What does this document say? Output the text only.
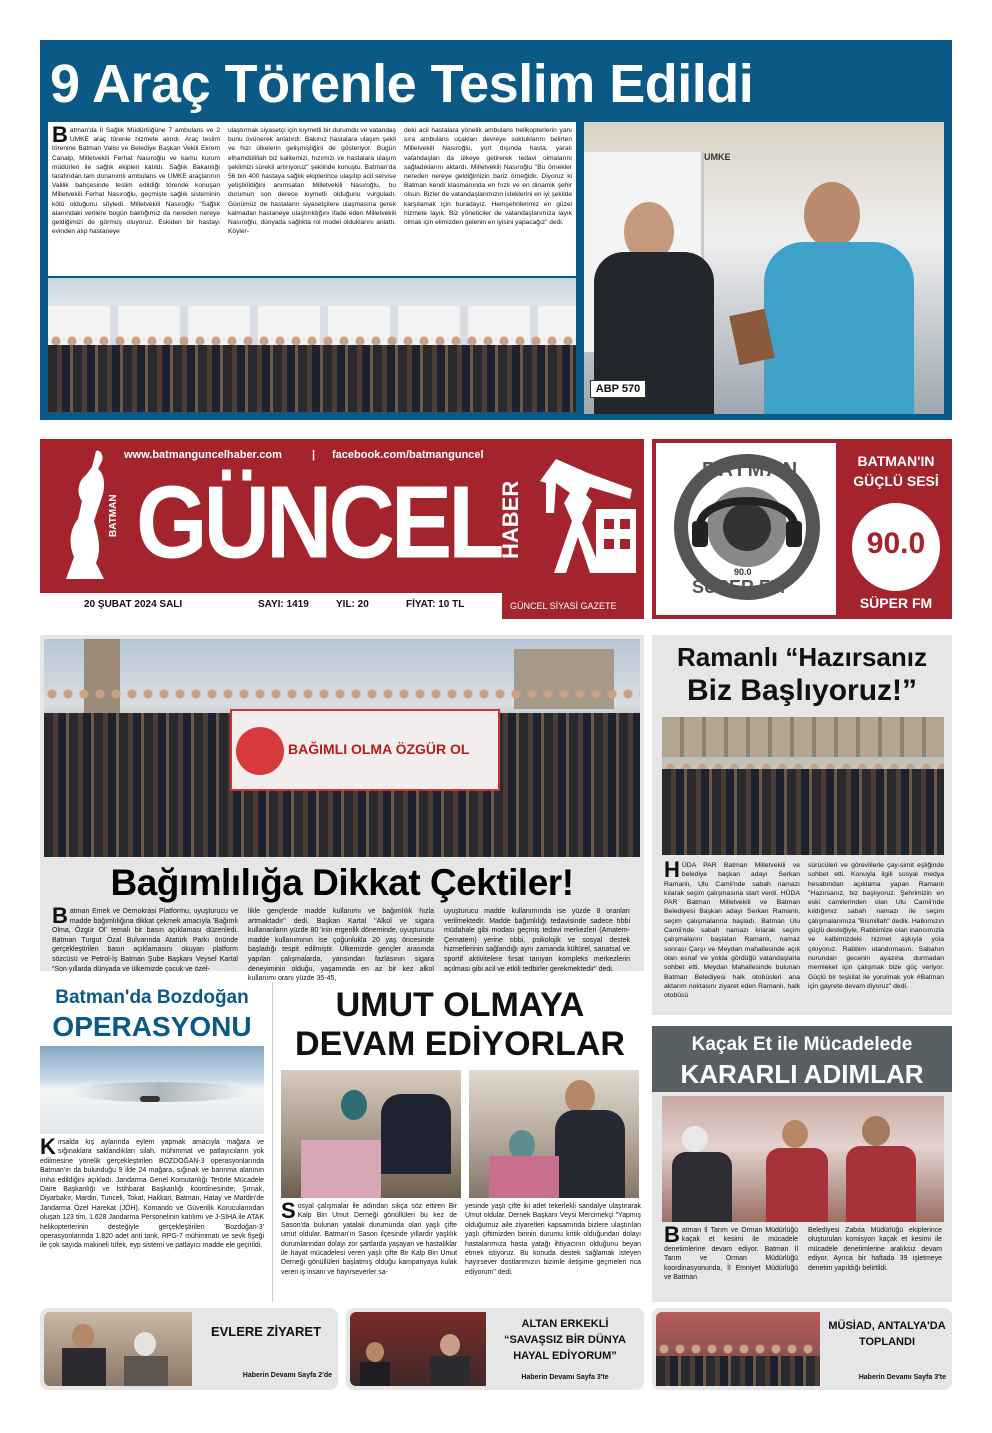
9 Araç Törenle Teslim Edildi
Batman'da İl Sağlık Müdürlüğüne 7 ambulans ve 2 UMKE araç törenle hizmete alındı. Araç teslim törenine Batman Valisi ve Belediye Başkan Vekili Ekrem Canalp, Milletvekili Ferhat Nasıroğlu ve kamu kurum müdürleri ile sağlık ekipleri katıldı. Sağlık Bakanlığı tarafından tam donanımlı ambulans ve UMKE araçlarının Valilik bahçesinde teslim edildiği törende konuşan Milletvekili Ferhat Nasıroğlu, geçmişte sağlık sisteminin kötü olduğunu söyledi. Milletvekili Nasıroğlu "Sağlık alanındaki verilere bugün baktığımız da nereden nereye geldiğimizi de görmüş oluyoruz. Eskiden bir hastayı evinden alıp hastaneye
ulaştırmak siyasetçi için kıymetli bir durumdu ve vatandaş bunu övünerek anlatırdı. Bakınız hastalara ulaşım şekli ve hızı ülkelerin gelişmişliğini de gösteriyor. Bugün elhamdülillah biz kalitemizi, hızımızı ve hastalara ulaşım şeklimizi sürekli artırıyoruz" şeklinde konuştu. Batman'da 56 bin 400 hastaya sağlık ekiplerince ulaşılıp acil servise yetiştirildiğini anımsatan Milletvekili Nasıroğlu, bu durumun son derece kıymetli olduğunu vurguladı. Günümüz de hastaların siyasetçilere ulaşmasına gerek kalmadan hastaneye ulaştırıldığını ifade eden Milletvekili Nasıroğlu, dünyada sağlıkta rol model olduklarını anlattı. Köyler-
deki acil hastalara yönelik ambulans helikopterlerin yanı sıra ambulans uçakları devreye soktuklarını belirten Milletvekili Nasıroğlu, yurt dışında hasta, yaralı vatandaşları da ülkeye getirerek tedavi olmalarını sağladıklarını aktardı. Milletvekili Nasıroğlu "Bu örnekler nereden nereye geldiğimizin bariz örneğidir. Diyoruz ki Batman kendi klasmanında en hızlı ve en dinamik şehir olsun. Bizler de vatandaşlarımızın isteklerini en iyi şekilde karşılamak için buradayız. Hemşehrilerimiz en güzel hizmete layık. Biz yöneticiler de vatandaşlarımıza layık olmak için elimizden gelenin en iyisini yapacağız" dedi.
UMKE
ABP 570
www.batmanguncelhaber.com	| facebook.com/batmanguncel
BATMAN GÜNCEL
HABER
20 ŞUBAT 2024 SALI	SAYI: 1419	YIL: 20	FİYAT: 10 TL	GÜNCEL SİYASİ GAZETE
BATMAN
90.0
SÜPER FM
BATMAN'IN
GÜÇLÜ SESİ
90.0
SÜPER FM
BAĞIMLI OLMA ÖZGÜR OL
Bağımlılığa Dikkat Çektiler!
Batman Emek ve Demokrasi Platformu, uyuşturucu ve madde bağımlılığına dikkat çekmek amacıyla 'Bağımlı Olma, Özgür Ol' temalı bir basın açıklaması düzenledi. Batman Turgut Özal Bulvarında Atatürk Parkı önünde gerçekleştirilen basın açıklamasını okuyan platform sözcüsü ve Petrol-İş Batman Şube Başkanı Veysel Kartal "Son yıllarda dünyada ve ülkemizde çocuk ve özel-
likle gençlerde madde kullanımı ve bağımlılık hızla artmaktadır" dedi. Başkan Kartal "Alkol ve sigara kullananların yüzde 80 'inin ergenlik döneminde, uyuşturucu madde kullanımının ise çoğunlukla 20 yaş öncesinde başladığı tespit edilmiştir. Ülkemizde gençler arasında yapılan çalışmalarda, yarısından fazlasının sigara deneyiminin olduğu, yaşamında en az bir kez alkol kullanımı oranı yüzde 35-45,
uyuşturucu madde kullanımında ise yüzde 8 oranları verilmektedir. Madde bağımlılığı tedavisinde sadece tıbbi müdahale gibi modası geçmiş tedavi merkezleri (Amatem-Çematem) yerine tıbbi, psikolojik ve sosyal destek hizmetlerinin sağlandığı aynı zamanda kültürel, sanatsal ve sportif aktivitelere fırsat tanıyan kompleks merkezlerin açılması gibi acil ve etkili tedbirler gerekmektedir" dedi.
Ramanlı “Hazırsanız
Biz Başlıyoruz!”
HÜDA PAR Batman Milletvekili ve belediye başkan adayı Serkan Ramanlı, Ulu Camii'nde sabah namazı kılarak seçim çalışmasına start verdi. HÜDA PAR Batman Milletvekili ve Batman Belediyesi Başkan adayı Serkan Ramanlı, seçim çalışmalarına başladı. Batman Ulu Camii'nde sabah namazı kılarak seçim çalışmalarını başlatan Ramanlı, namaz sonrası Çarşı ve Meydan mahallesinde açık olan esnaf ve yolda gördüğü vatandaşlarla sohbet etti. Meydan Mahallesinde bulunan Batman Belediyesi halk otobüsleri ana aktarım noktasını ziyaret eden Ramanlı, halk otobüsü
sürücüleri ve görevlilerle çay-simit eşliğinde sohbet etti. Konuyla ilgili sosyal medya hesabından açıklama yapan Ramanlı "Hazırsanız, biz başlıyoruz. Şehrimizin en eski camilerinden olan Ulu Camii'nde kıldığımız sabah namazı ile seçim çalışmalarımıza "Bismillah" dedik. Halkımızın güçlü desteğiyle, Rabbimize olan inancımızla ve kalbimizdeki hizmet aşkıyla yola çıkıyoruz. Rabbim utandırmasın. Sabahın nurundan gecenin ayazına durmadan memleket için çalışmak bize güç veriyor. Güçlü bir teşkilat ile yorulmak yok #Batman için gayrete devam diyoruz" dedi.
Batman'da Bozdoğan
OPERASYONU
Kırsalda kış aylarında eylem yapmak amacıyla mağara ve sığınaklara saklandıkları silah, mühimmat ve patlayıcıların yok edilmesine yönelik gerçekleştirilen BOZDOĞAN-3 operasyonlarında Batman'ın da bulunduğu 9 ilde 24 mağara, sığınak ve barınma alanının imha edildiğini açıkladı. Jandarma Genel Komutanlığı Terörle Mücadele Daire Başkanlığı ve İstihbarat Başkanlığı koordinesinde; Şırnak, Diyarbakır, Mardin, Tunceli, Tokat, Hakkari, Batman, Hatay ve Mardin'de Jandarma Özel Harekat (JÖH), Komando ve Güvenlik Korucularından oluşan 123 tim, 1.628 Jandarma Personelinin katılımı ve J-SİHA ile ATAK helikopterlerinin desteğiyle gerçekleştirilen 'Bozdoğan-3' operasyonlarında 1.820 adet anti tank, RPG-7 mühimmatı ve sevk fişeği ile çok sayıda makineli tüfek, eyp sistemi ve patlayıcı madde ele geçirildi.
UMUT OLMAYA
DEVAM EDİYORLAR
Sosyal çalışmalar ile adından sıkça söz ettiren Bir Kalp Bin Umut Derneği gönüllüleri bu kez de Sason'da bulunan yatalak durumunda olan yaşlı çifte umut oldular. Batman'ın Sason ilçesinde yıllardır yaşlılık durumlarından dolayı zor şartlarda yaşayan ve hastalıklar ile hayat mücadelesi veren yaşlı çifte Bir Kalp Bin Umut Derneği gönüllüleri başlatmış olduğu kampanyaya kulak veren iş insanı ve hayırseverler sa-
yesinde yaşlı çifte iki adet tekerlekli sandalye ulaştırarak Umut oldular. Dernek Başkanı Veysi Mercimekçi "Yapmış olduğumuz aile ziyaretleri kapsamında bizlere ulaştırılan yaşlı çiftimizden birinin durumu kritik olduğundan dolayı hastalarımıza hasta yatağı ihtiyacının olduğunu beyan etmek istiyoruz. Bu konuda destek sağlamak isteyen hayırsever dostlarımızın bizimle iletişime geçmeleri rica ediyorum" dedi.
Kaçak Et ile Mücadelede
KARARLI ADIMLAR
Batman İl Tarım ve Orman Müdürlüğü kaçak et kesimi ile mücadele denetimlerine devam ediyor. Batman İl Tarım ve Orman Müdürlüğü koordinasyonunda, İl Emniyet Müdürlüğü ve Batman
Belediyesi Zabıta Müdürlüğü ekiplerince oluşturulan komisyon kaçak et kesimi ile mücadele denetimlerine aralıksız devam ediyor. Ayrıca bir haftada 39 işletmeye denetim yapıldığı belirtildi.
EVLERE ZİYARET
Haberin Devamı Sayfa 2'de
ALTAN ERKEKLİ “SAVAŞSIZ BİR DÜNYA HAYAL EDİYORUM”
Haberin Devamı Sayfa 3'te
MÜSİAD, ANTALYA'DA TOPLANDI
Haberin Devamı Sayfa 3'te
